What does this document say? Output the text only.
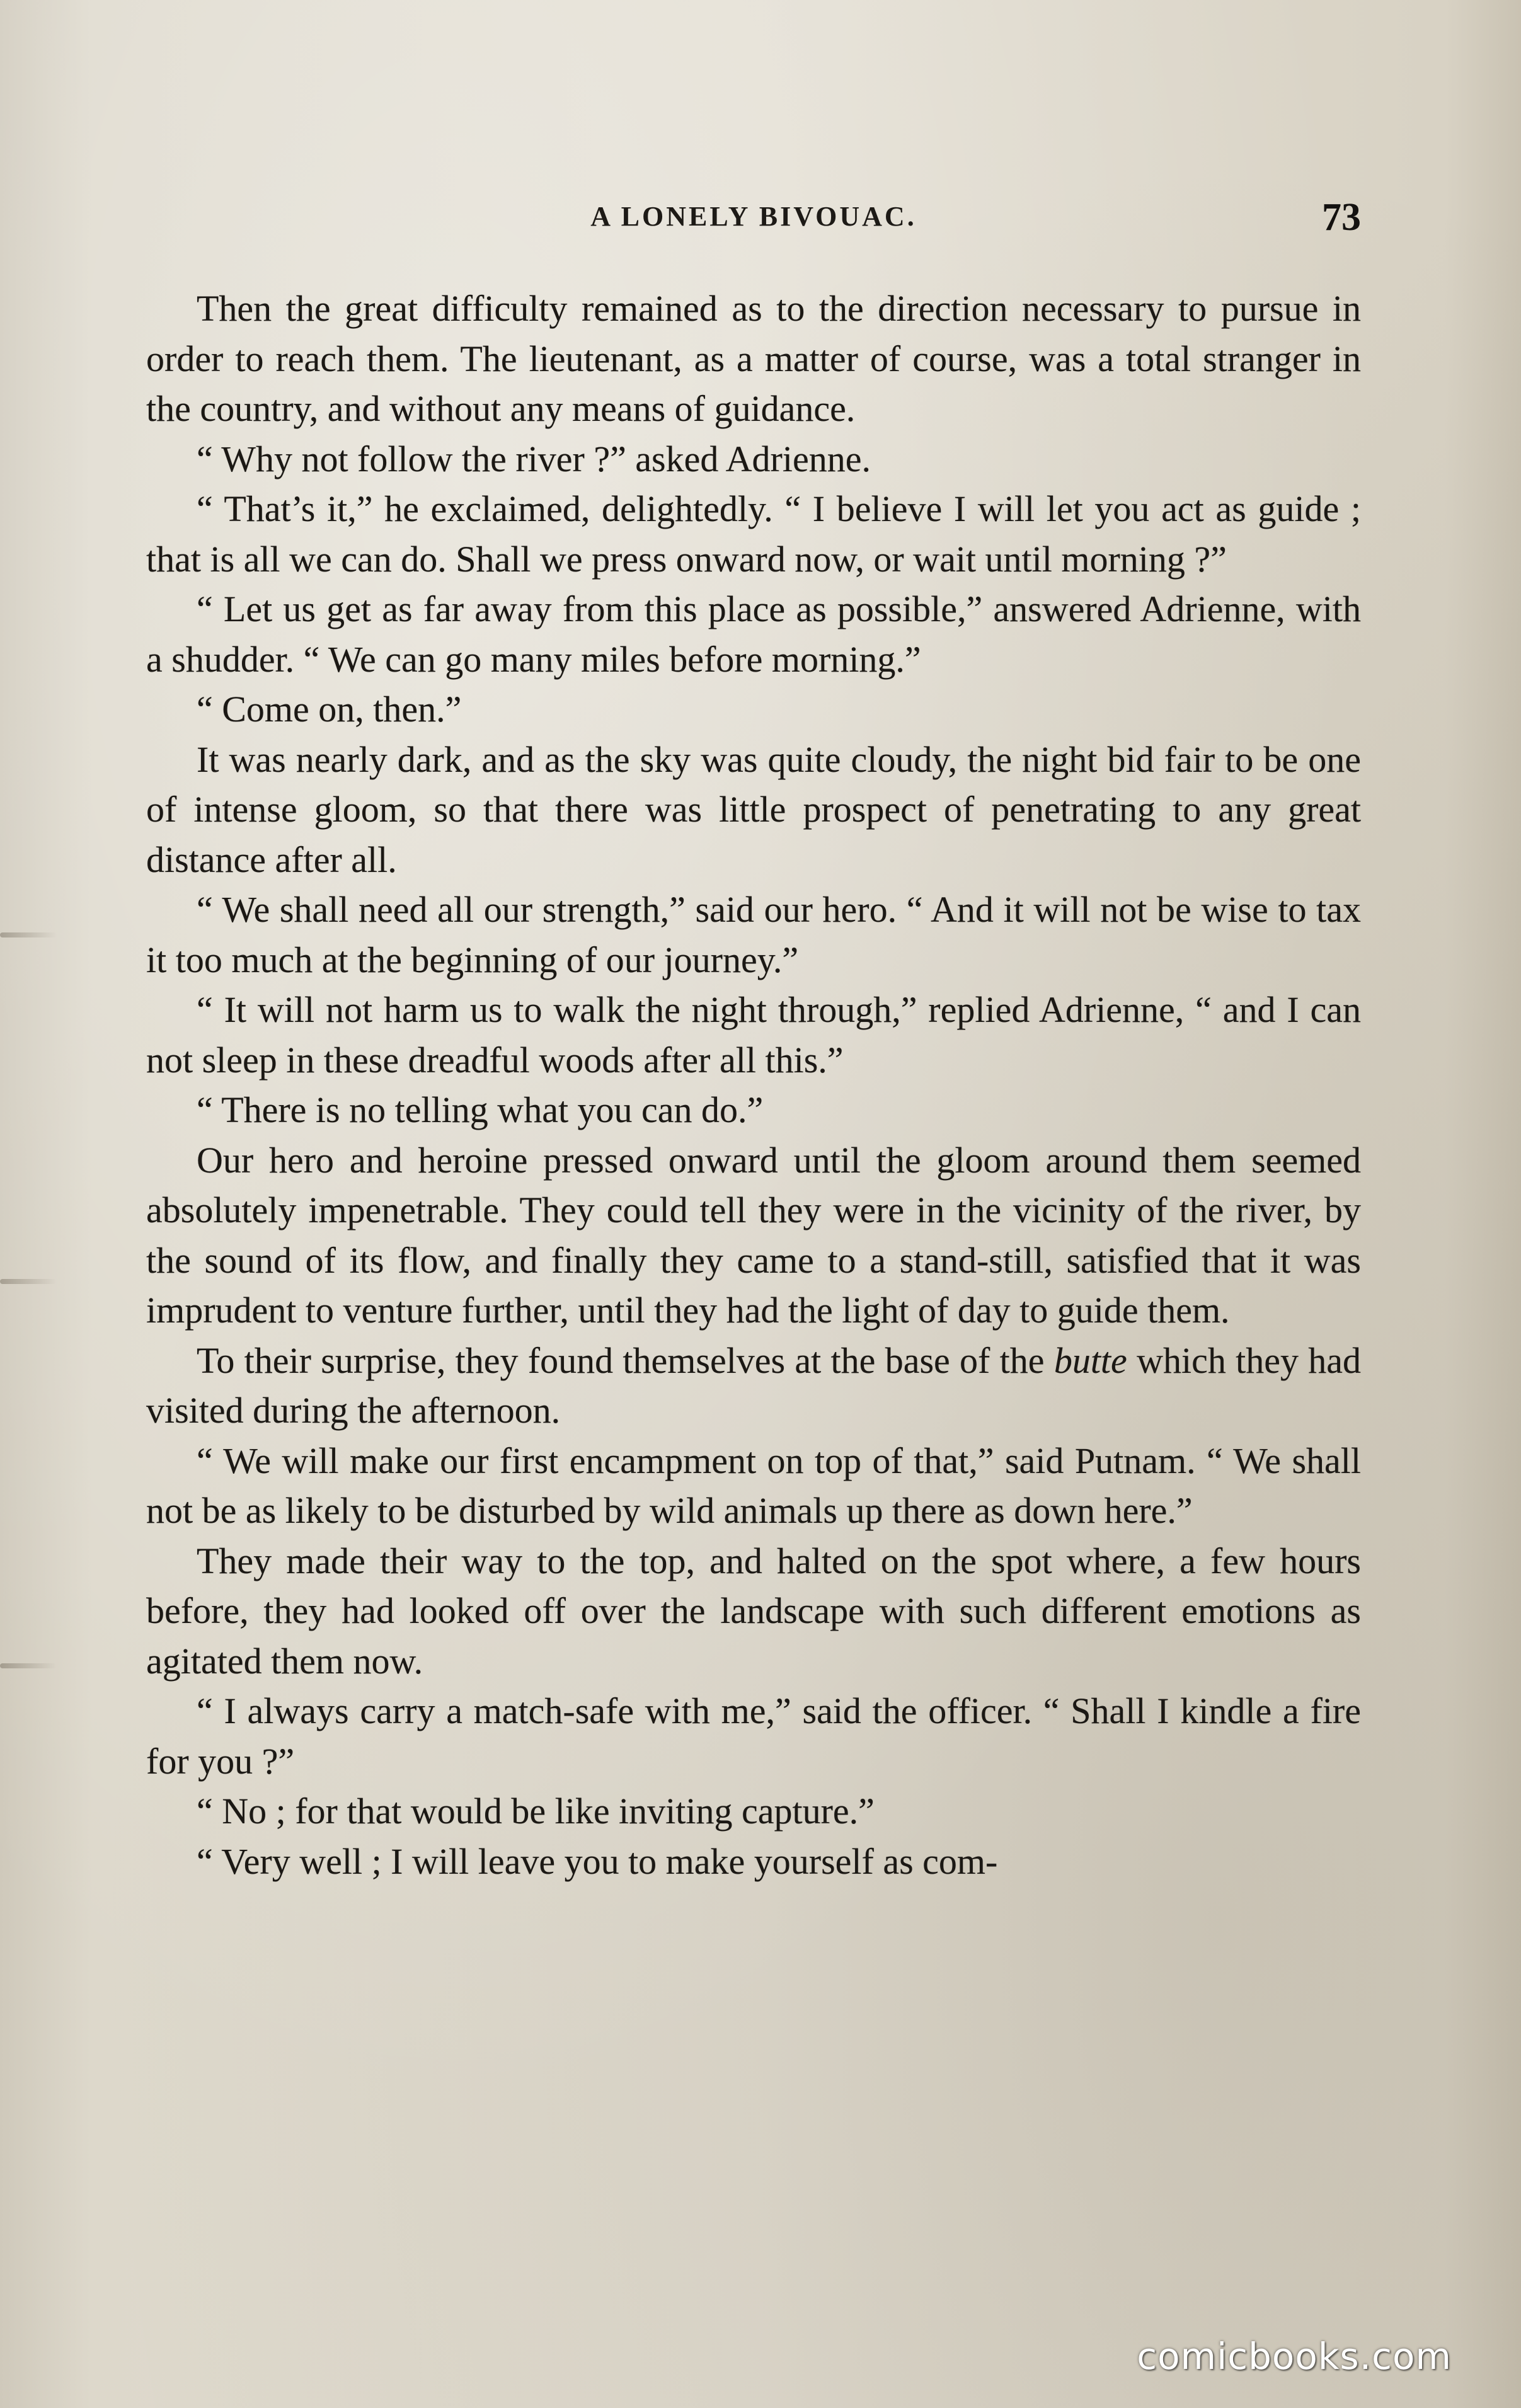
A LONELY BIVOUAC.	73

Then the great difficulty remained as to the direction necessary to pursue in order to reach them. The lieutenant, as a matter of course, was a total stranger in the country, and without any means of guidance.

“ Why not follow the river ?” asked Adrienne.

“ That’s it,” he exclaimed, delightedly. “ I believe I will let you act as guide ; that is all we can do. Shall we press onward now, or wait until morning ?”

“ Let us get as far away from this place as possible,” answered Adrienne, with a shudder. “ We can go many miles before morning.”

“ Come on, then.”

It was nearly dark, and as the sky was quite cloudy, the night bid fair to be one of intense gloom, so that there was little prospect of penetrating to any great distance after all.

“ We shall need all our strength,” said our hero. “ And it will not be wise to tax it too much at the beginning of our journey.”

“ It will not harm us to walk the night through,” replied Adrienne, “ and I can not sleep in these dreadful woods after all this.”

“ There is no telling what you can do.”

Our hero and heroine pressed onward until the gloom around them seemed absolutely impenetrable. They could tell they were in the vicinity of the river, by the sound of its flow, and finally they came to a stand-still, satisfied that it was imprudent to venture further, until they had the light of day to guide them.

To their surprise, they found themselves at the base of the butte which they had visited during the afternoon.

“ We will make our first encampment on top of that,” said Putnam. “ We shall not be as likely to be disturbed by wild animals up there as down here.”

They made their way to the top, and halted on the spot where, a few hours before, they had looked off over the landscape with such different emotions as agitated them now.

“ I always carry a match-safe with me,” said the officer. “ Shall I kindle a fire for you ?”

“ No ; for that would be like inviting capture.”

“ Very well ; I will leave you to make yourself as com-

comicbooks.com
